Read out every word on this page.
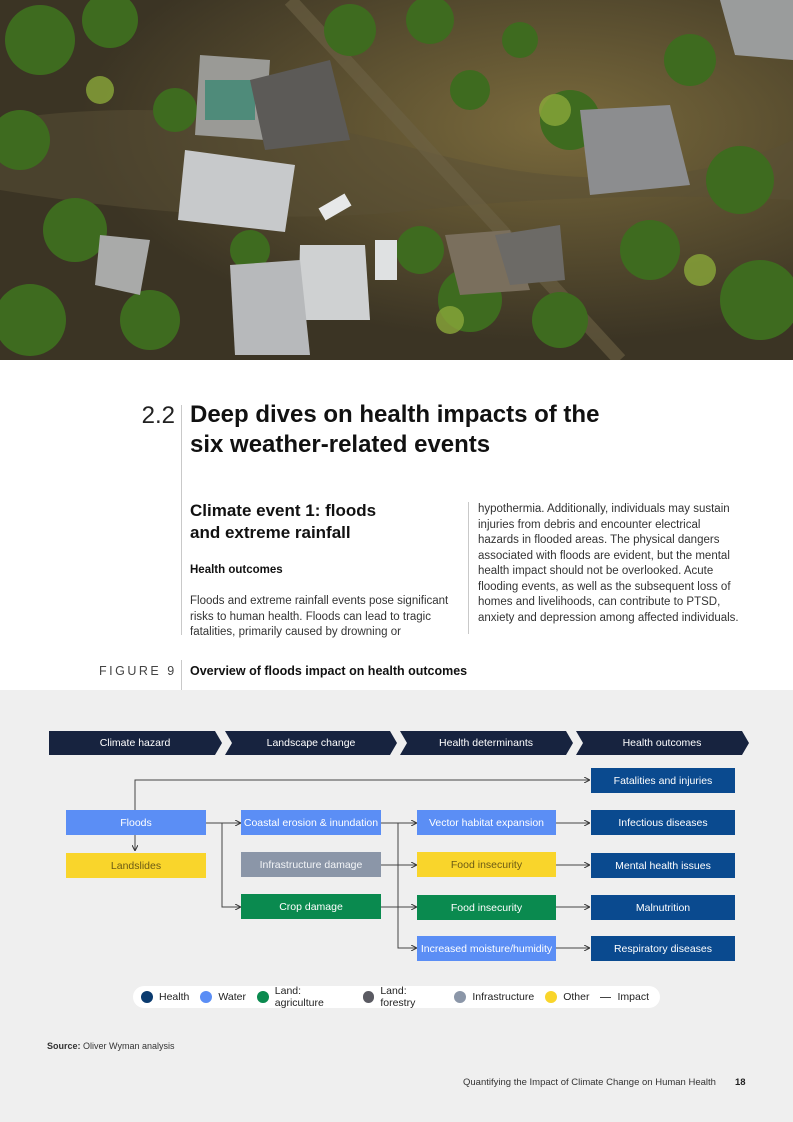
2.2 Deep dives on health impacts of the
six weather-related events
Climate event 1: floods
and extreme rainfall
Health outcomes
Floods and extreme rainfall events pose significant
risks to human health. Floods can lead to tragic
fatalities, primarily caused by drowning or
hypothermia. Additionally, individuals may sustain
injuries from debris and encounter electrical
hazards in flooded areas. The physical dangers
associated with floods are evident, but the mental
health impact should not be overlooked. Acute
flooding events, as well as the subsequent loss of
homes and livelihoods, can contribute to PTSD,
anxiety and depression among affected individuals.
FIGURE 9 Overview of floods impact on health outcomes
Climate hazard	Landscape change	Health determinants	Health outcomes
Floods
Landslides
Coastal erosion & inundation
Infrastructure damage
Crop damage
Vector habitat expansion
Food insecurity
Food insecurity
Increased moisture/humidity
Fatalities and injuries
Infectious diseases
Mental health issues
Malnutrition
Respiratory diseases
Health	Water	Land: agriculture
Land: forestry	Infrastructure	Other	Impact
Source: Oliver Wyman analysis
Quantifying the Impact of Climate Change on Human Health 18
